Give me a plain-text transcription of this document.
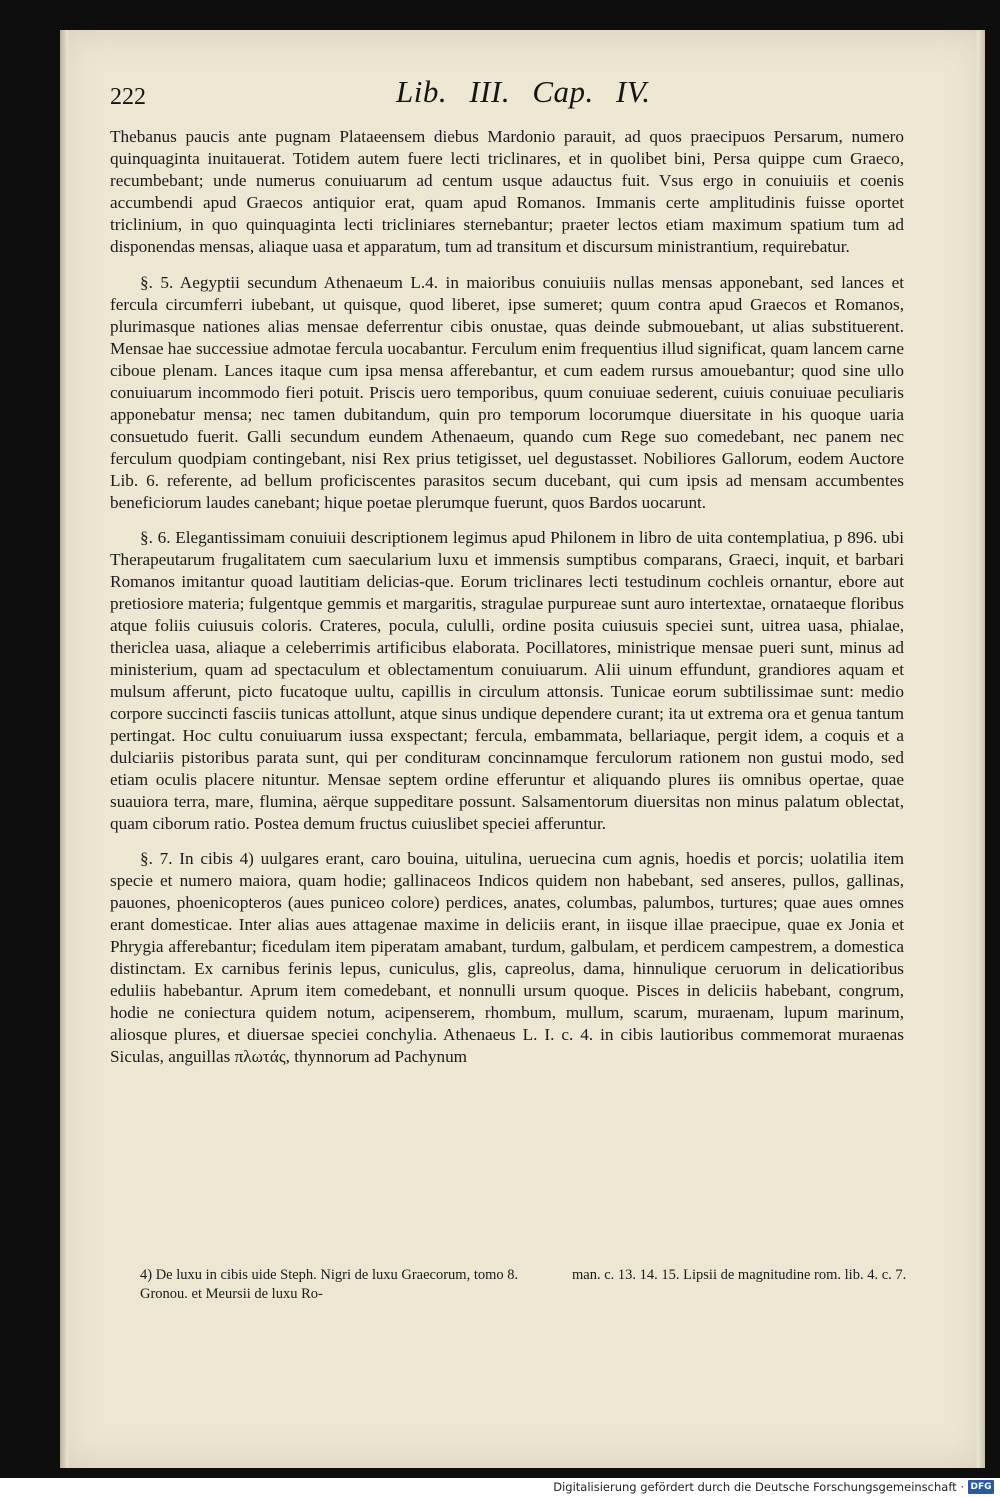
222	Lib. III. Cap. IV.

Thebanus paucis ante pugnam Plataeensem diebus Mardonio parauit, ad quos praecipuos Persarum, numero quinquaginta inuitauerat. Totidem autem fuere lecti triclinares, et in quolibet bini, Persa quippe cum Graeco, recumbebant; unde numerus conuiuarum ad centum usque adauctus fuit. Vsus ergo in conuiuiis et coenis accumbendi apud Graecos antiquior erat, quam apud Romanos. Immanis certe amplitudinis fuisse oportet triclinium, in quo quinquaginta lecti tricliniares sternebantur; praeter lectos etiam maximum spatium tum ad disponendas mensas, aliaque uasa et apparatum, tum ad transitum et discursum ministrantium, requirebatur.

§. 5. Aegyptii secundum Athenaeum L.4. in maioribus conuiuiis nullas mensas apponebant, sed lances et fercula circumferri iubebant, ut quisque, quod liberet, ipse sumeret; quum contra apud Graecos et Romanos, plurimasque nationes alias mensae deferrentur cibis onustae, quas deinde submouebant, ut alias substituerent. Mensae hae successiue admotae fercula uocabantur. Ferculum enim frequentius illud significat, quam lancem carne ciboue plenam. Lances itaque cum ipsa mensa afferebantur, et cum eadem rursus amouebantur; quod sine ullo conuiuarum incommodo fieri potuit. Priscis uero temporibus, quum conuiuae sederent, cuiuis conuiuae peculiaris apponebatur mensa; nec tamen dubitandum, quin pro temporum locorumque diuersitate in his quoque uaria consuetudo fuerit. Galli secundum eundem Athenaeum, quando cum Rege suo comedebant, nec panem nec ferculum quodpiam contingebant, nisi Rex prius tetigisset, uel degustasset. Nobiliores Gallorum, eodem Auctore Lib. 6. referente, ad bellum proficiscentes parasitos secum ducebant, qui cum ipsis ad mensam accumbentes beneficiorum laudes canebant; hique poetae plerumque fuerunt, quos Bardos uocarunt.

§. 6. Elegantissimam conuiuii descriptionem legimus apud Philonem in libro de uita contemplatiua, p 896. ubi Therapeutarum frugalitatem cum saecularium luxu et immensis sumptibus comparans, Graeci, inquit, et barbari Romanos imitantur quoad lautitiam delicias-que. Eorum triclinares lecti testudinum cochleis ornantur, ebore aut pretiosiore materia; fulgentque gemmis et margaritis, stragulae purpureae sunt auro intertextae, ornataeque floribus atque foliis cuiusuis coloris. Crateres, pocula, cululli, ordine posita cuiusuis speciei sunt, uitrea uasa, phialae, thericlea uasa, aliaque a celeberrimis artificibus elaborata. Pocillatores, ministrique mensae pueri sunt, minus ad ministerium, quam ad spectaculum et oblectamentum conuiuarum. Alii uinum effundunt, grandiores aquam et mulsum afferunt, picto fucatoque uultu, capillis in circulum attonsis. Tunicae eorum subtilissimae sunt: medio corpore succincti fasciis tunicas attollunt, atque sinus undique dependere curant; ita ut extrema ora et genua tantum pertingat. Hoc cultu conuiuarum iussa exspectant; fercula, embammata, bellariaque, pergit idem, a coquis et a dulciariis pistoribus parata sunt, qui per conditurам concinnamque ferculorum rationem non gustui modo, sed etiam oculis placere nituntur. Mensae septem ordine efferuntur et aliquando plures iis omnibus opertae, quae suauiora terra, mare, flumina, aërque suppeditare possunt. Salsamentorum diuersitas non minus palatum oblectat, quam ciborum ratio. Postea demum fructus cuiuslibet speciei afferuntur.

§. 7. In cibis 4) uulgares erant, caro bouina, uitulina, ueruecina cum agnis, hoedis et porcis; uolatilia item specie et numero maiora, quam hodie; gallinaceos Indicos quidem non habebant, sed anseres, pullos, gallinas, pauones, phoenicopteros (aues puniceo colore) perdices, anates, columbas, palumbos, turtures; quae aues omnes erant domesticae. Inter alias aues attagenae maxime in deliciis erant, in iisque illae praecipue, quae ex Jonia et Phrygia afferebantur; ficedulam item piperatam amabant, turdum, galbulam, et perdicem campestrem, a domestica distinctam. Ex carnibus ferinis lepus, cuniculus, glis, capreolus, dama, hinnulique ceruorum in delicatioribus eduliis habebantur. Aprum item comedebant, et nonnulli ursum quoque. Pisces in deliciis habebant, congrum, hodie ne coniectura quidem notum, acipenserem, rhombum, mullum, scarum, muraenam, lupum marinum, aliosque plures, et diuersae speciei conchylia. Athenaeus L. I. c. 4. in cibis lautioribus commemorat muraenas Siculas, anguillas πλωτάς, thynnorum ad Pachynum

4) De luxu in cibis uide Steph. Nigri de luxu Graecorum, tomo 8. Gronou. et Meursii de luxu Ro-
man. c. 13. 14. 15. Lipsii de magnitudine rom. lib. 4. c. 7.
Digitalisierung gefördert durch die Deutsche Forschungsgemeinschaft · DFG
